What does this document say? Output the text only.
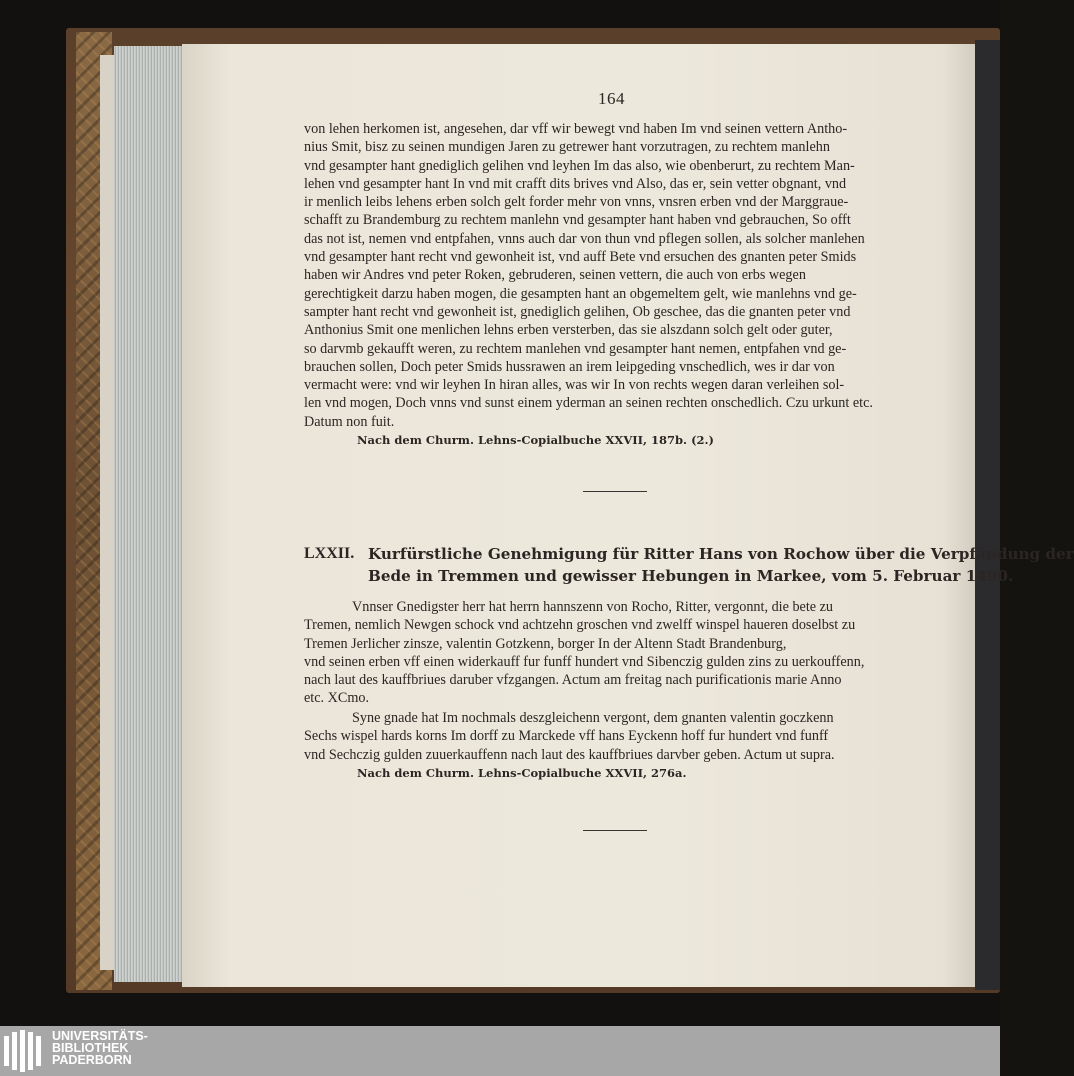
164
von lehen herkomen ist, angesehen, dar vff wir bewegt vnd haben Im vnd seinen vettern Antho-
nius Smit, bisz zu seinen mundigen Jaren zu getrewer hant vorzutragen, zu rechtem manlehn
vnd gesampter hant gnediglich gelihen vnd leyhen Im das also, wie obenberurt, zu rechtem Man-
lehen vnd gesampter hant In vnd mit crafft dits brives vnd Also, das er, sein vetter obgnant, vnd
ir menlich leibs lehens erben solch gelt forder mehr von vnns, vnsren erben vnd der Marggraue-
schafft zu Brandemburg zu rechtem manlehn vnd gesampter hant haben vnd gebrauchen, So offt
das not ist, nemen vnd entpfahen, vnns auch dar von thun vnd pflegen sollen, als solcher manlehen
vnd gesampter hant recht vnd gewonheit ist, vnd auff Bete vnd ersuchen des gnanten peter Smids
haben wir Andres vnd peter Roken, gebruderen, seinen vettern, die auch von erbs wegen
gerechtigkeit darzu haben mogen, die gesampten hant an obgemeltem gelt, wie manlehns vnd ge-
sampter hant recht vnd gewonheit ist, gnediglich gelihen, Ob geschee, das die gnanten peter vnd
Anthonius Smit one menlichen lehns erben versterben, das sie alszdann solch gelt oder guter,
so darvmb gekaufft weren, zu rechtem manlehen vnd gesampter hant nemen, entpfahen vnd ge-
brauchen sollen, Doch peter Smids hussrawen an irem leipgeding vnschedlich, wes ir dar von
vermacht were: vnd wir leyhen In hiran alles, was wir In von rechts wegen daran verleihen sol-
len vnd mogen, Doch vnns vnd sunst einem yderman an seinen rechten onschedlich. Czu urkunt etc.
Datum non fuit.
Nach dem Churm. Lehns-Copialbuche XXVII, 187b. (2.)
LXXII. Kurfürstliche Genehmigung für Ritter Hans von Rochow über die Verpfändung der
Bede in Tremmen und gewisser Hebungen in Markee, vom 5. Februar 1490.
Vnnser Gnedigster herr hat herrn hannszenn von Rocho, Ritter, vergonnt, die bete zu
Tremen, nemlich Newgen schock vnd achtzehn groschen vnd zwelff winspel haueren doselbst zu
Tremen Jerlicher zinsze, valentin Gotzkenn, borger In der Altenn Stadt Brandenburg,
vnd seinen erben vff einen widerkauff fur funff hundert vnd Sibenczig gulden zins zu uerkouffenn,
nach laut des kauffbriues daruber vfzgangen. Actum am freitag nach purificationis marie Anno
etc. XCmo.
Syne gnade hat Im nochmals deszgleichenn vergont, dem gnanten valentin goczkenn
Sechs wispel hards korns Im dorff zu Marckede vff hans Eyckenn hoff fur hundert vnd funff
vnd Sechczig gulden zuuerkauffenn nach laut des kauffbriues darvber geben. Actum ut supra.
Nach dem Churm. Lehns-Copialbuche XXVII, 276a.
UNIVERSITÄTS-
BIBLIOTHEK
PADERBORN
